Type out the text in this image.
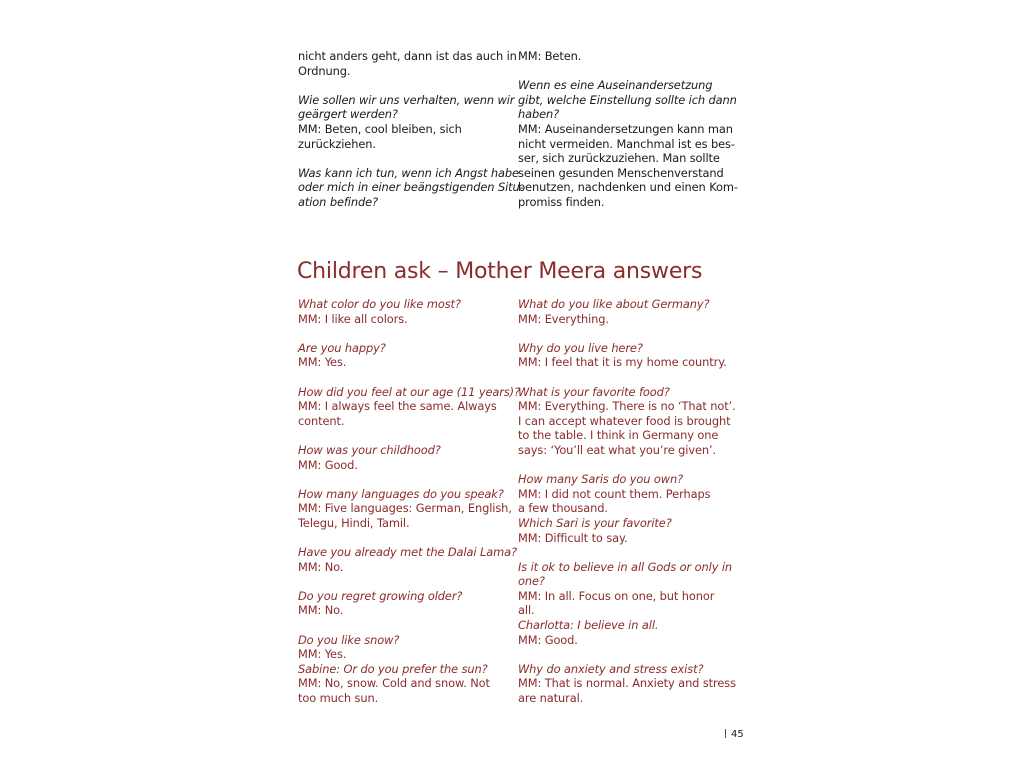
nicht anders geht, dann ist das auch in
Ordnung.
Wie sollen wir uns verhalten, wenn wir
geärgert werden?
MM: Beten, cool bleiben, sich
zurückziehen.
Was kann ich tun, wenn ich Angst habe
oder mich in einer beängstigenden Situ-
ation befinde?
MM: Beten.
Wenn es eine Auseinandersetzung
gibt, welche Einstellung sollte ich dann
haben?
MM: Auseinandersetzungen kann man
nicht vermeiden. Manchmal ist es bes-
ser, sich zurückzuziehen. Man sollte
seinen gesunden Menschenverstand
benutzen, nachdenken und einen Kom-
promiss finden.
Children ask – Mother Meera answers
What color do you like most?
MM: I like all colors.
Are you happy?
MM: Yes.
How did you feel at our age (11 years)?
MM: I always feel the same. Always
content.
How was your childhood?
MM: Good.
How many languages do you speak?
MM: Five languages: German, English,
Telegu, Hindi, Tamil.
Have you already met the Dalai Lama?
MM: No.
Do you regret growing older?
MM: No.
Do you like snow?
MM: Yes.
Sabine: Or do you prefer the sun?
MM: No, snow. Cold and snow. Not
too much sun.
What do you like about Germany?
MM: Everything.
Why do you live here?
MM: I feel that it is my home country.
What is your favorite food?
MM: Everything. There is no ‘That not’.
I can accept whatever food is brought
to the table. I think in Germany one
says: ‘You’ll eat what you’re given’.
How many Saris do you own?
MM: I did not count them. Perhaps
a few thousand.
Which Sari is your favorite?
MM: Difficult to say.
Is it ok to believe in all Gods or only in
one?
MM: In all. Focus on one, but honor
all.
Charlotta: I believe in all.
MM: Good.
Why do anxiety and stress exist?
MM: That is normal. Anxiety and stress
are natural.
45
